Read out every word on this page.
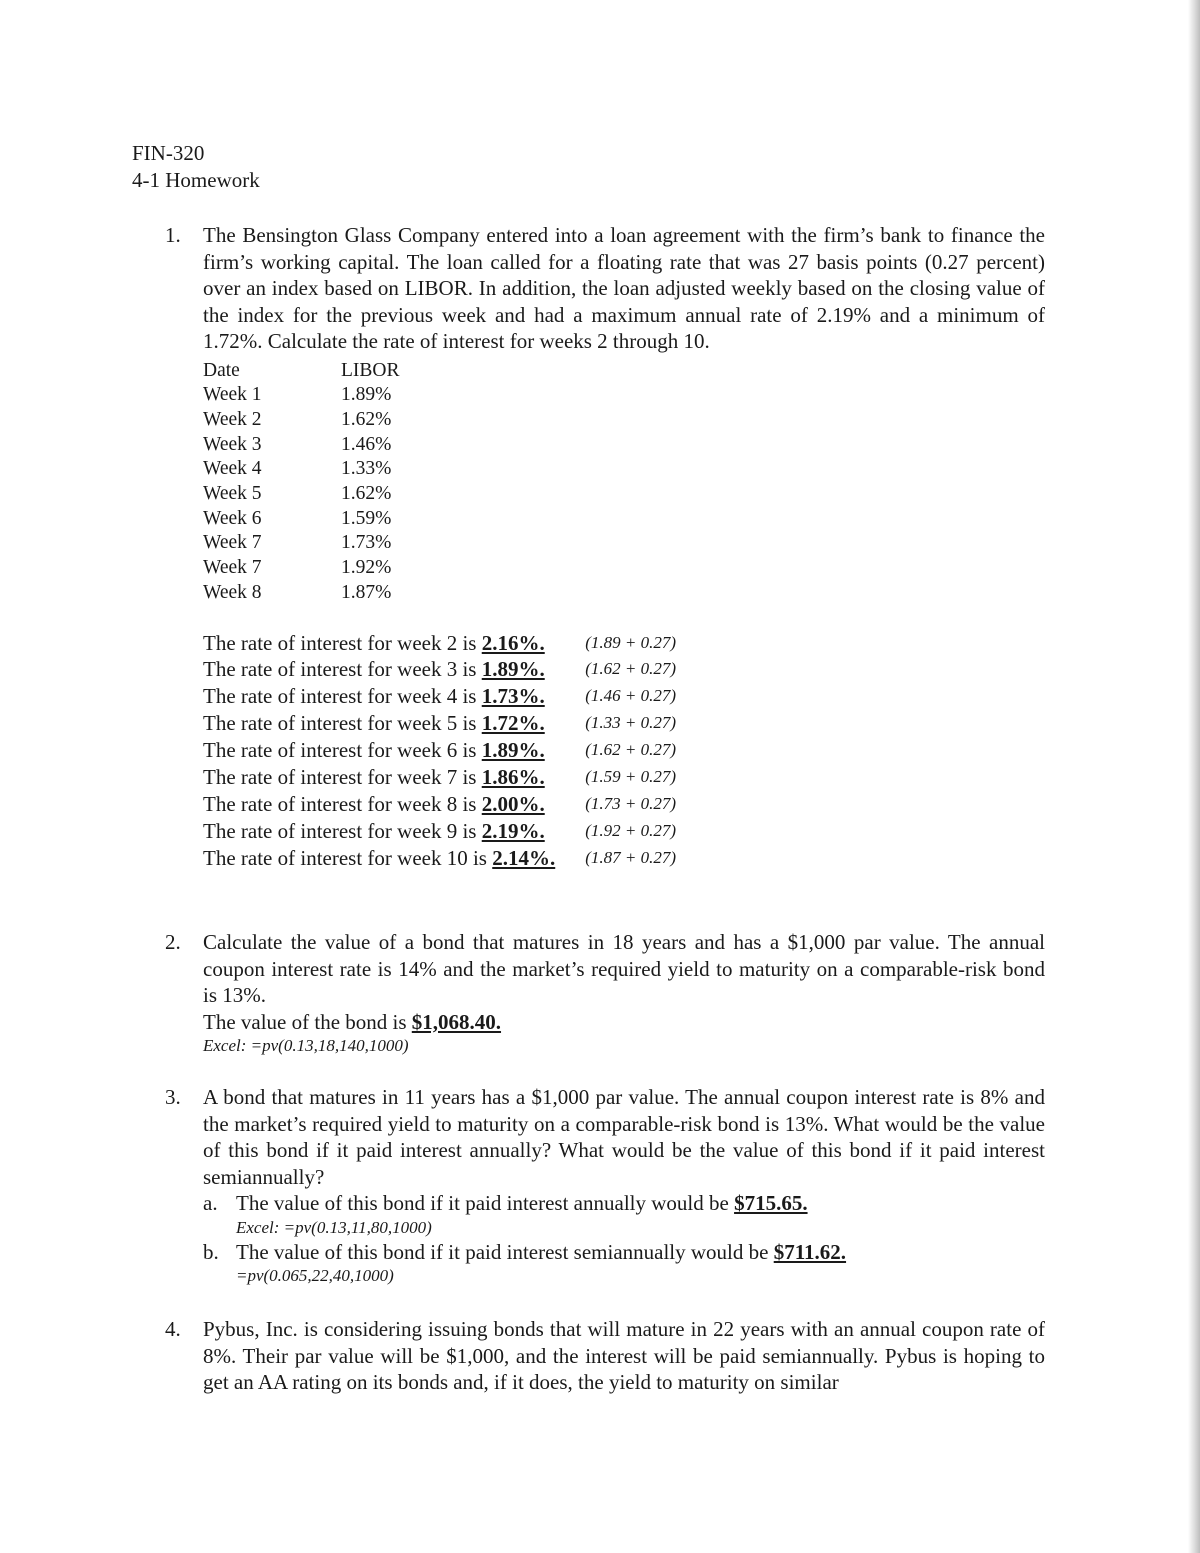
FIN-320
4-1 Homework
1.	The Bensington Glass Company entered into a loan agreement with the firm’s bank to finance the firm’s working capital. The loan called for a floating rate that was 27 basis points (0.27 percent) over an index based on LIBOR. In addition, the loan adjusted weekly based on the closing value of the index for the previous week and had a maximum annual rate of 2.19% and a minimum of 1.72%. Calculate the rate of interest for weeks 2 through 10.
Date	LIBOR
Week 1	1.89%
Week 2	1.62%
Week 3	1.46%
Week 4	1.33%
Week 5	1.62%
Week 6	1.59%
Week 7	1.73%
Week 7	1.92%
Week 8	1.87%
The rate of interest for week 2 is 2.16%.	(1.89 + 0.27)
The rate of interest for week 3 is 1.89%.	(1.62 + 0.27)
The rate of interest for week 4 is 1.73%.	(1.46 + 0.27)
The rate of interest for week 5 is 1.72%.	(1.33 + 0.27)
The rate of interest for week 6 is 1.89%.	(1.62 + 0.27)
The rate of interest for week 7 is 1.86%.	(1.59 + 0.27)
The rate of interest for week 8 is 2.00%.	(1.73 + 0.27)
The rate of interest for week 9 is 2.19%.	(1.92 + 0.27)
The rate of interest for week 10 is 2.14%.	(1.87 + 0.27)
2.	Calculate the value of a bond that matures in 18 years and has a $1,000 par value. The annual coupon interest rate is 14% and the market’s required yield to maturity on a comparable-risk bond is 13%.
The value of the bond is $1,068.40.
Excel: =pv(0.13,18,140,1000)
3.	A bond that matures in 11 years has a $1,000 par value. The annual coupon interest rate is 8% and the market’s required yield to maturity on a comparable-risk bond is 13%. What would be the value of this bond if it paid interest annually? What would be the value of this bond if it paid interest semiannually?
a. The value of this bond if it paid interest annually would be $715.65.
Excel: =pv(0.13,11,80,1000)
b. The value of this bond if it paid interest semiannually would be $711.62.
=pv(0.065,22,40,1000)
4.	Pybus, Inc. is considering issuing bonds that will mature in 22 years with an annual coupon rate of 8%. Their par value will be $1,000, and the interest will be paid semiannually. Pybus is hoping to get an AA rating on its bonds and, if it does, the yield to maturity on similar
